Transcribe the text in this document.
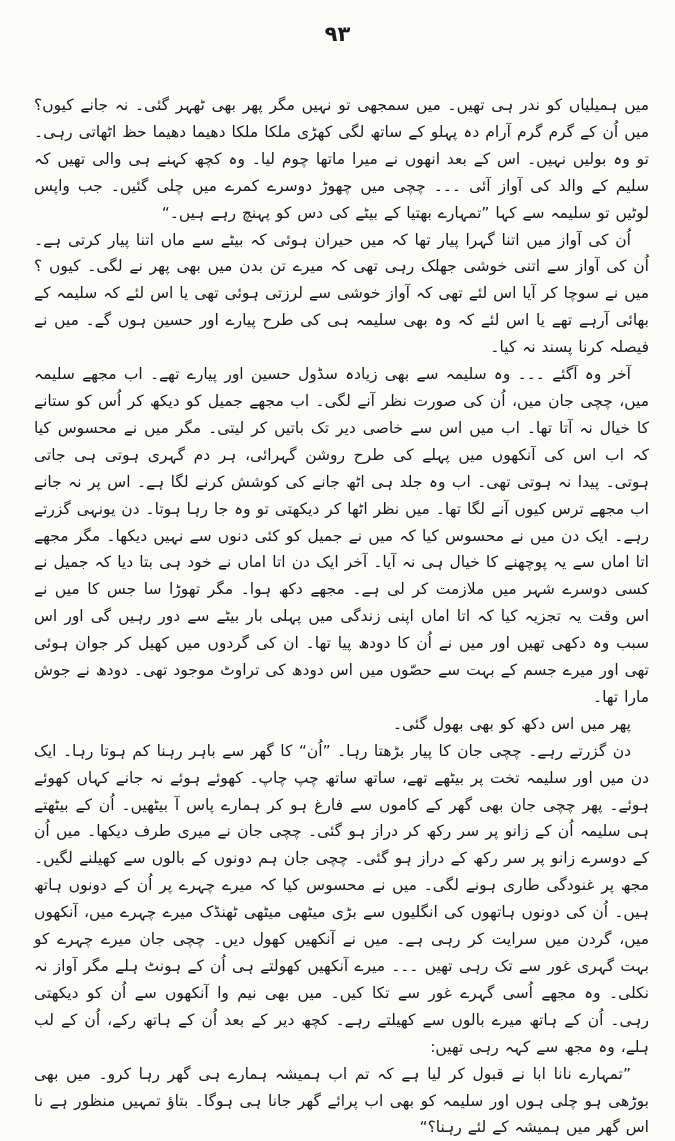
۹۳

میں ہمیلیاں کو ندر ہی تھیں۔ میں سمجھی تو نہیں مگر پھر بھی ٹھہر گئی۔ نہ جانے کیوں؟ میں اُن کے گرم گرم آرام دہ پہلو کے ساتھ لگی کھڑی ملکا ملکا دھیما دھیما حظ اٹھاتی رہی۔ تو وہ بولیں نہیں۔ اس کے بعد انھوں نے میرا ماتھا چوم لیا۔ وہ کچھ کہنے ہی والی تھیں کہ سلیم کے والد کی آواز آئی ۔۔۔ چچی میں چھوڑ دوسرے کمرے میں چلی گئیں۔ جب واپس لوٹیں تو سلیمہ سے کہا ”تمہارے بھتیا کے بیٹے کی دس کو پہنچ رہے ہیں۔“

اُن کی آواز میں اتنا گہرا پیار تھا کہ میں حیران ہوئی کہ بیٹے سے ماں اتنا پیار کرتی ہے۔ اُن کی آواز سے اتنی خوشی جھلک رہی تھی کہ میرے تن بدن میں بھی پھر نے لگی۔ کیوں ؟ میں نے سوچا کر آیا اس لئے تھی کہ آواز خوشی سے لرزتی ہوئی تھی یا اس لئے کہ سلیمہ کے بھائی آرہے تھے یا اس لئے کہ وہ بھی سلیمہ ہی کی طرح پیارے اور حسین ہوں گے۔ میں نے فیصلہ کرنا پسند نہ کیا۔

آخر وہ آگئے ۔۔۔ وہ سلیمہ سے بھی زیادہ سڈول حسین اور پیارے تھے۔ اب مجھے سلیمہ میں، چچی جان میں، اُن کی صورت نظر آنے لگی۔ اب مجھے جمیل کو دیکھ کر اُس کو ستانے کا خیال نہ آتا تھا۔ اب میں اس سے خاصی دیر تک باتیں کر لیتی۔ مگر میں نے محسوس کیا کہ اب اس کی آنکھوں میں پہلے کی طرح روشن گہرائی، ہر دم گہری ہوتی ہی جاتی ہوتی۔ پیدا نہ ہوتی تھی۔ اب وہ جلد ہی اٹھ جانے کی کوشش کرنے لگا ہے۔ اس پر نہ جانے اب مجھے ترس کیوں آنے لگا تھا۔ میں نظر اٹھا کر دیکھتی تو وہ جا رہا ہوتا۔ دن یونہی گزرتے رہے۔ ایک دن میں نے محسوس کیا کہ میں نے جمیل کو کئی دنوں سے نہیں دیکھا۔ مگر مجھے اتا اماں سے یہ پوچھنے کا خیال ہی نہ آیا۔ آخر ایک دن اتا اماں نے خود ہی بتا دیا کہ جمیل نے کسی دوسرے شہر میں ملازمت کر لی ہے۔ مجھے دکھ ہوا۔ مگر تھوڑا سا جس کا میں نے اس وقت یہ تجزیہ کیا کہ اتا اماں اپنی زندگی میں پہلی بار بیٹے سے دور رہیں گی اور اس سبب وہ دکھی تھیں اور میں نے اُن کا دودھ پیا تھا۔ ان کی گردوں میں کھیل کر جوان ہوئی تھی اور میرے جسم کے بہت سے حصّوں میں اس دودھ کی تراوٹ موجود تھی۔ دودھ نے جوش مارا تھا۔

پھر میں اس دکھ کو بھی بھول گئی۔

دن گزرتے رہے۔ چچی جان کا پیار بڑھتا رہا۔ ”اُن“ کا گھر سے باہر رہنا کم ہوتا رہا۔ ایک دن میں اور سلیمہ تخت پر بیٹھے تھے، ساتھ ساتھ چپ چاپ۔ کھوئے ہوئے نہ جانے کہاں کھوئے ہوئے۔ پھر چچی جان بھی گھر کے کاموں سے فارغ ہو کر ہمارے پاس آ بیٹھیں۔ اُن کے بیٹھتے ہی سلیمہ اُن کے زانو پر سر رکھ کر دراز ہو گئی۔ چچی جان نے میری طرف دیکھا۔ میں اُن کے دوسرے زانو پر سر رکھ کے دراز ہو گئی۔ چچی جان ہم دونوں کے بالوں سے کھیلنے لگیں۔ مجھ پر غنودگی طاری ہونے لگی۔ میں نے محسوس کیا کہ میرے چہرے پر اُن کے دونوں ہاتھ ہیں۔ اُن کی دونوں ہاتھوں کی انگلیوں سے بڑی میٹھی میٹھی ٹھنڈک میرے چہرے میں، آنکھوں میں، گردن میں سرایت کر رہی ہے۔ میں نے آنکھیں کھول دیں۔ چچی جان میرے چہرے کو بہت گہری غور سے تک رہی تھیں ۔۔۔ میرے آنکھیں کھولتے ہی اُن کے ہونٹ ہلے مگر آواز نہ نکلی۔ وہ مجھے اُسی گہرے غور سے تکا کیں۔ میں بھی نیم وا آنکھوں سے اُن کو دیکھتی رہی۔ اُن کے ہاتھ میرے بالوں سے کھیلتے رہے۔ کچھ دیر کے بعد اُن کے ہاتھ رکے، اُن کے لب ہلے، وہ مجھ سے کہہ رہی تھیں:

”تمہارے نانا ابا نے قبول کر لیا ہے کہ تم اب ہمیشہ ہمارے ہی گھر رہا کرو۔ میں بھی بوڑھی ہو چلی ہوں اور سلیمہ کو بھی اب پرائے گھر جانا ہی ہوگا۔ بتاؤ تمہیں منظور ہے نا اس گھر میں ہمیشہ کے لئے رہنا؟“
